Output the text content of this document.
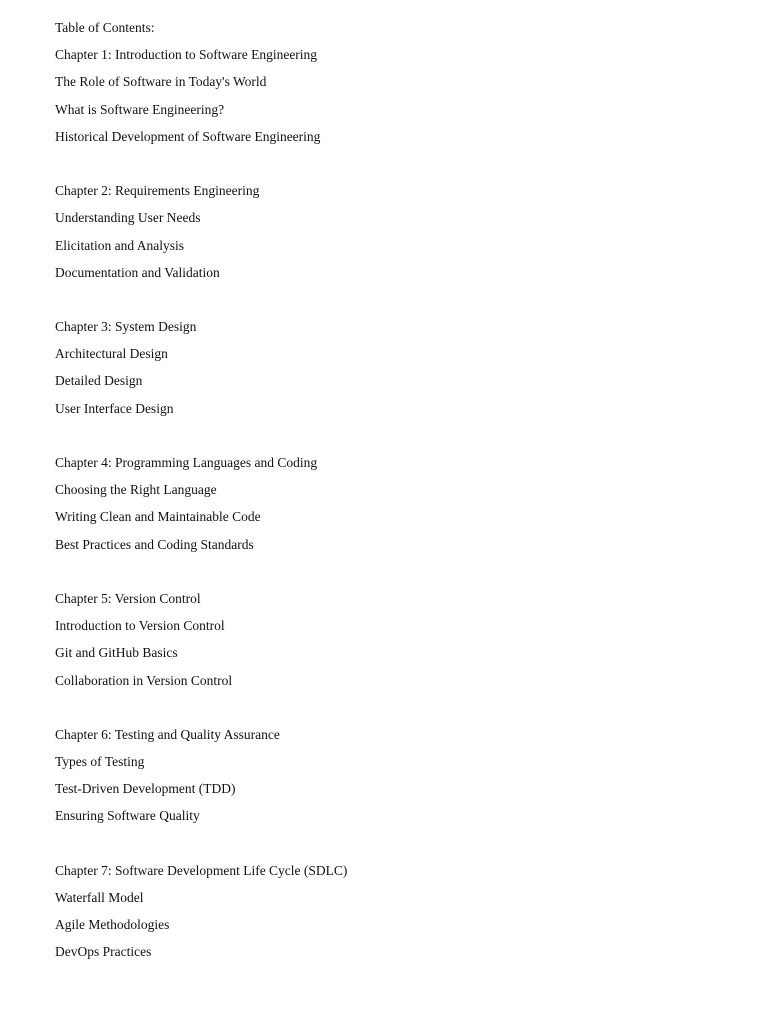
Table of Contents:
Chapter 1: Introduction to Software Engineering
The Role of Software in Today's World
What is Software Engineering?
Historical Development of Software Engineering
Chapter 2: Requirements Engineering
Understanding User Needs
Elicitation and Analysis
Documentation and Validation
Chapter 3: System Design
Architectural Design
Detailed Design
User Interface Design
Chapter 4: Programming Languages and Coding
Choosing the Right Language
Writing Clean and Maintainable Code
Best Practices and Coding Standards
Chapter 5: Version Control
Introduction to Version Control
Git and GitHub Basics
Collaboration in Version Control
Chapter 6: Testing and Quality Assurance
Types of Testing
Test-Driven Development (TDD)
Ensuring Software Quality
Chapter 7: Software Development Life Cycle (SDLC)
Waterfall Model
Agile Methodologies
DevOps Practices
